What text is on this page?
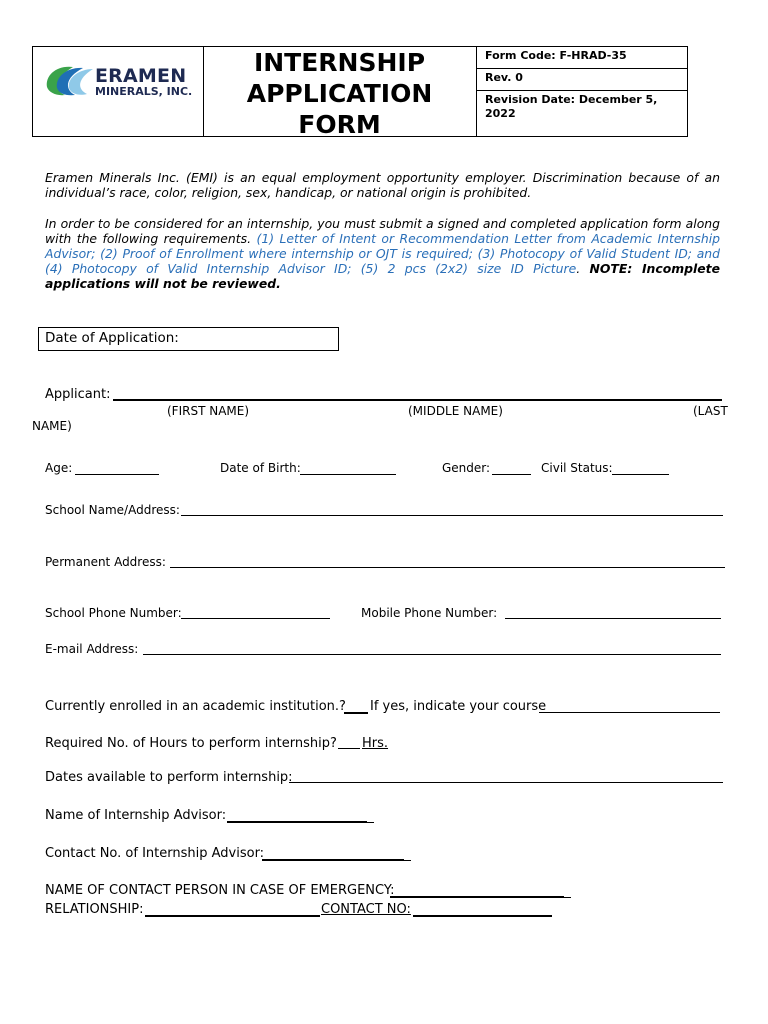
ERAMEN
MINERALS, INC.
INTERNSHIP
APPLICATION
FORM
Form Code: F-HRAD-35
Rev. 0
Revision Date: December 5, 2022
Eramen Minerals Inc. (EMI) is an equal employment opportunity employer. Discrimination because of an individual’s race, color, religion, sex, handicap, or national origin is prohibited.
In order to be considered for an internship, you must submit a signed and completed application form along with the following requirements. (1) Letter of Intent or Recommendation Letter from Academic Internship Advisor; (2) Proof of Enrollment where internship or OJT is required; (3) Photocopy of Valid Student ID; and (4) Photocopy of Valid Internship Advisor ID; (5) 2 pcs (2x2) size ID Picture. NOTE: Incomplete applications will not be reviewed.
Date of Application:
Applicant:
(FIRST NAME)	(MIDDLE NAME)	(LAST
NAME)
Age:	Date of Birth:	Gender:	Civil Status:
School Name/Address:
Permanent Address:
School Phone Number:	Mobile Phone Number:
E-mail Address:
Currently enrolled in an academic institution.? If yes, indicate your course
Required No. of Hours to perform internship? Hrs.
Dates available to perform internship:
Name of Internship Advisor:
Contact No. of Internship Advisor:
NAME OF CONTACT PERSON IN CASE OF EMERGENCY:
RELATIONSHIP:	CONTACT NO:
